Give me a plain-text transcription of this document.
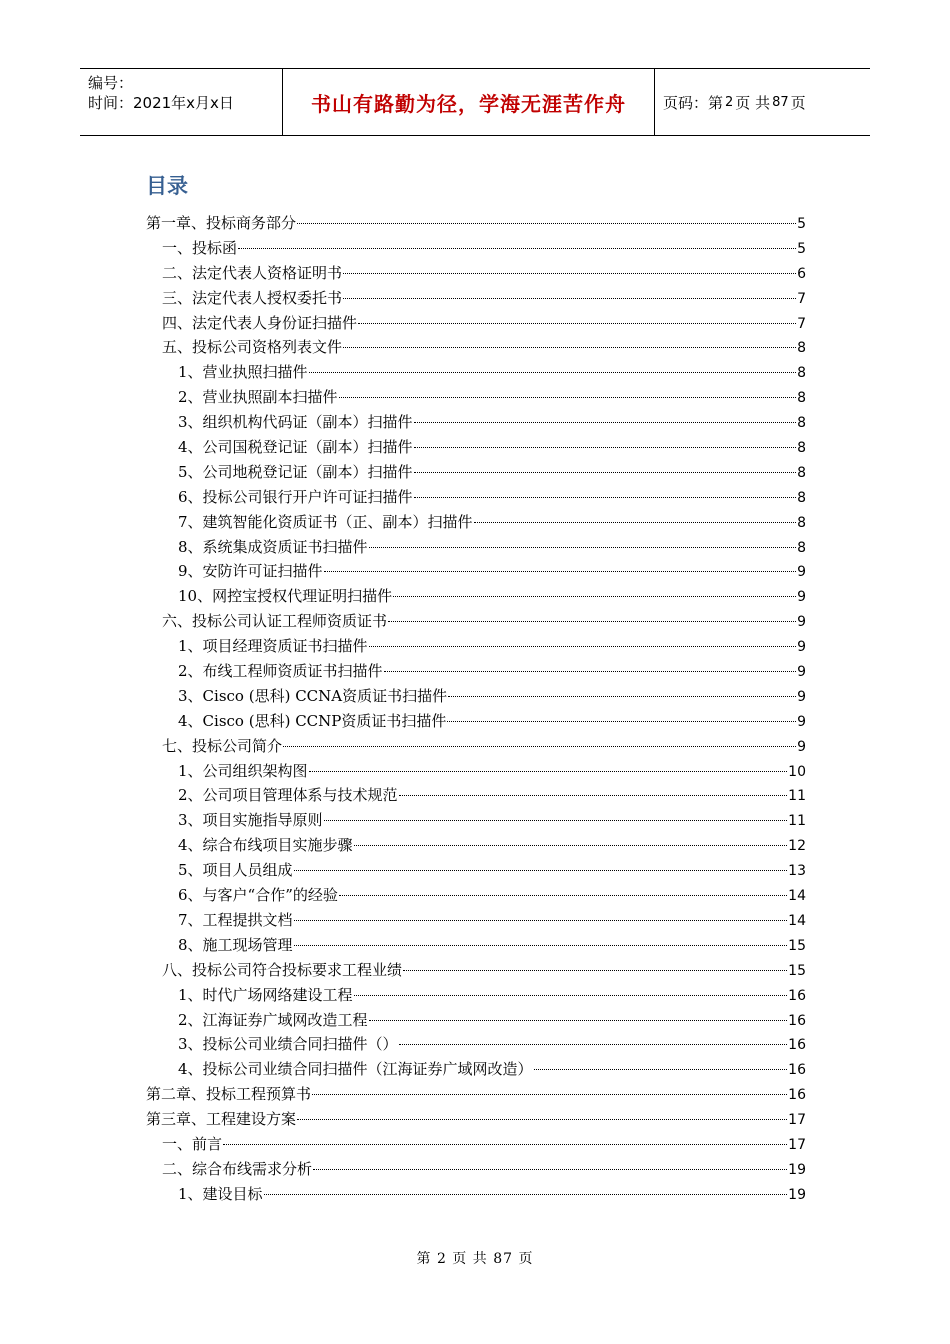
编号：
时间：2021年x月x日	书山有路勤为径，学海无涯苦作舟	页码：第 2 页 共 87 页
目录
第一章、投标商务部分	5
一、投标函	5
二、法定代表人资格证明书	6
三、法定代表人授权委托书	7
四、法定代表人身份证扫描件	7
五、投标公司资格列表文件	8
1、营业执照扫描件	8
2、营业执照副本扫描件	8
3、组织机构代码证（副本）扫描件	8
4、公司国税登记证（副本）扫描件	8
5、公司地税登记证（副本）扫描件	8
6、投标公司银行开户许可证扫描件	8
7、建筑智能化资质证书（正、副本）扫描件	8
8、系统集成资质证书扫描件	8
9、安防许可证扫描件	9
10、网控宝授权代理证明扫描件	9
六、投标公司认证工程师资质证书	9
1、项目经理资质证书扫描件	9
2、布线工程师资质证书扫描件	9
3、Cisco (思科) CCNA资质证书扫描件	9
4、Cisco (思科) CCNP资质证书扫描件	9
七、投标公司简介	9
1、公司组织架构图	10
2、公司项目管理体系与技术规范	11
3、项目实施指导原则	11
4、综合布线项目实施步骤	12
5、项目人员组成	13
6、与客户“合作”的经验	14
7、工程提拱文档	14
8、施工现场管理	15
八、投标公司符合投标要求工程业绩	15
1、时代广场网络建设工程	16
2、江海证券广域网改造工程	16
3、投标公司业绩合同扫描件（）	16
4、投标公司业绩合同扫描件（江海证券广域网改造）	16
第二章、投标工程预算书	16
第三章、工程建设方案	17
一、前言	17
二、综合布线需求分析	19
1、建设目标	19
第 2 页 共 87 页
